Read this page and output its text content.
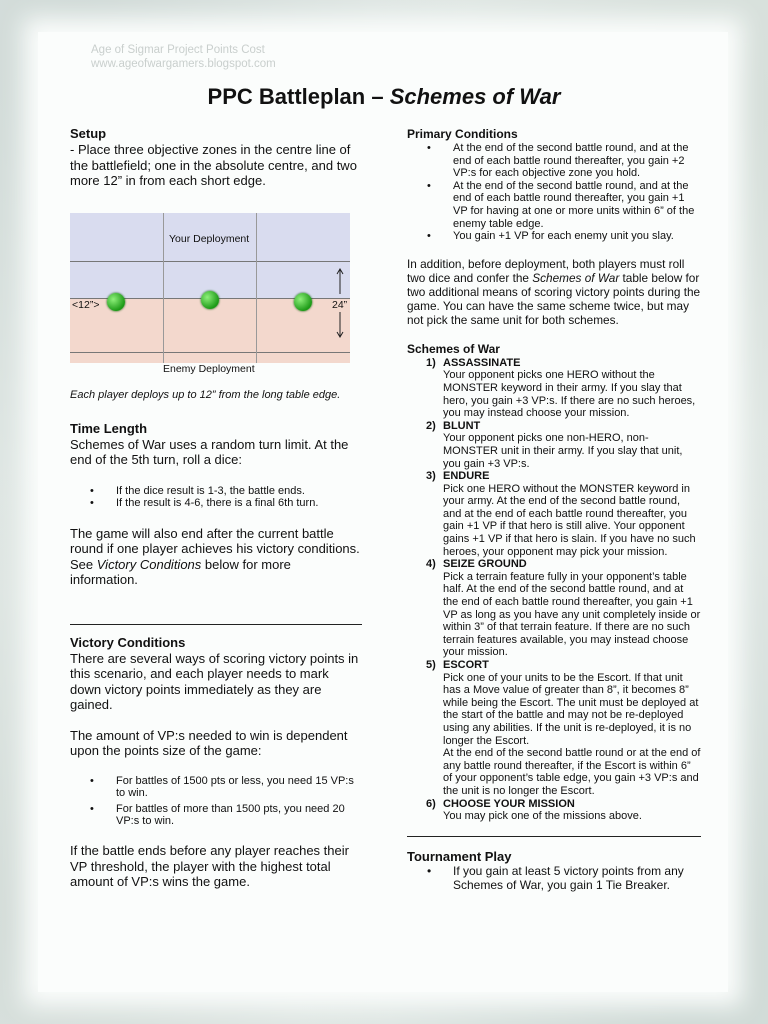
Age of Sigmar Project Points Cost
www.ageofwargamers.blogspot.com
PPC Battleplan – Schemes of War
Setup
- Place three objective zones in the centre line of the battlefield; one in the absolute centre, and two more 12” in from each short edge.
Your Deployment
Enemy Deployment
<12”>	24”
Each player deploys up to 12” from the long table edge.
Time Length
Schemes of War uses a random turn limit. At the end of the 5th turn, roll a dice:
• If the dice result is 1-3, the battle ends.
• If the result is 4-6, there is a final 6th turn.
The game will also end after the current battle round if one player achieves his victory conditions. See Victory Conditions below for more information.
Victory Conditions
There are several ways of scoring victory points in this scenario, and each player needs to mark down victory points immediately as they are gained.
The amount of VP:s needed to win is dependent upon the points size of the game:
• For battles of 1500 pts or less, you need 15 VP:s to win.
• For battles of more than 1500 pts, you need 20 VP:s to win.
If the battle ends before any player reaches their VP threshold, the player with the highest total amount of VP:s wins the game.
Primary Conditions
• At the end of the second battle round, and at the end of each battle round thereafter, you gain +2 VP:s for each objective zone you hold.
• At the end of the second battle round, and at the end of each battle round thereafter, you gain +1 VP for having at one or more units within 6” of the enemy table edge.
• You gain +1 VP for each enemy unit you slay.
In addition, before deployment, both players must roll two dice and confer the Schemes of War table below for two additional means of scoring victory points during the game. You can have the same scheme twice, but may not pick the same unit for both schemes.
Schemes of War
1) ASSASSINATE
Your opponent picks one HERO without the MONSTER keyword in their army. If you slay that hero, you gain +3 VP:s. If there are no such heroes, you may instead choose your mission.
2) BLUNT
Your opponent picks one non-HERO, non-MONSTER unit in their army. If you slay that unit, you gain +3 VP:s.
3) ENDURE
Pick one HERO without the MONSTER keyword in your army. At the end of the second battle round, and at the end of each battle round thereafter, you gain +1 VP if that hero is still alive. Your opponent gains +1 VP if that hero is slain. If you have no such heroes, your opponent may pick your mission.
4) SEIZE GROUND
Pick a terrain feature fully in your opponent’s table half. At the end of the second battle round, and at the end of each battle round thereafter, you gain +1 VP as long as you have any unit completely inside or within 3” of that terrain feature. If there are no such terrain features available, you may instead choose your mission.
5) ESCORT
Pick one of your units to be the Escort. If that unit has a Move value of greater than 8”, it becomes 8” while being the Escort. The unit must be deployed at the start of the battle and may not be re-deployed using any abilities. If the unit is re-deployed, it is no longer the Escort.
At the end of the second battle round or at the end of any battle round thereafter, if the Escort is within 6” of your opponent’s table edge, you gain +3 VP:s and the unit is no longer the Escort.
6) CHOOSE YOUR MISSION
You may pick one of the missions above.
Tournament Play
• If you gain at least 5 victory points from any Schemes of War, you gain 1 Tie Breaker.
